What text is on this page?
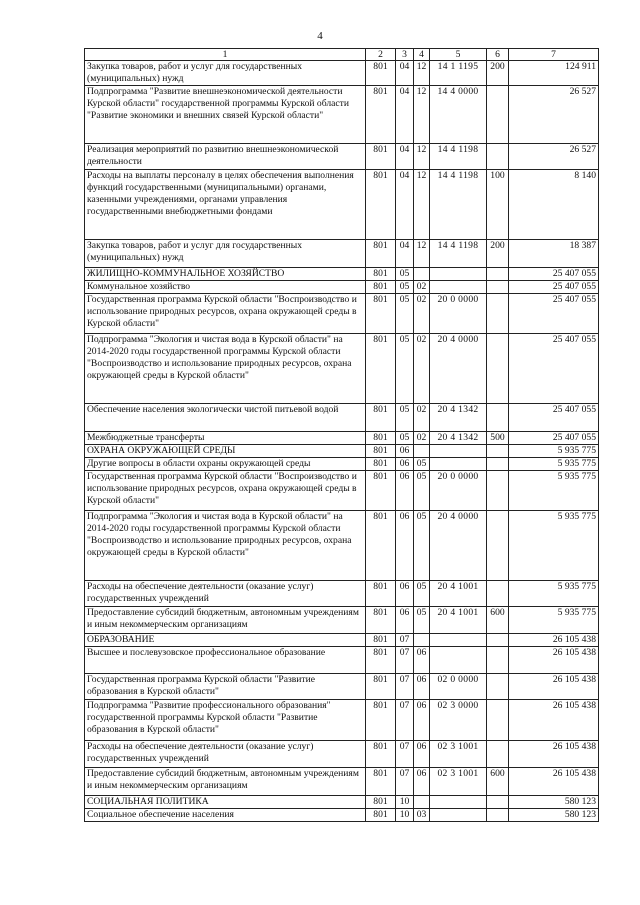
4
1	2	3	4	5	6	7
Закупка товаров, работ и услуг для государственных (муниципальных) нужд	801	04	12	14 1 1195	200	124 911
Подпрограмма "Развитие внешнеэкономической деятельности Курской области" государственной программы Курской области "Развитие экономики и внешних связей Курской области"	801	04	12	14 4 0000		26 527
Реализация мероприятий по развитию внешнеэкономической деятельности	801	04	12	14 4 1198		26 527
Расходы на выплаты персоналу в целях обеспечения выполнения функций государственными (муниципальными) органами, казенными учреждениями, органами управления государственными внебюджетными фондами	801	04	12	14 4 1198	100	8 140
Закупка товаров, работ и услуг для государственных (муниципальных) нужд	801	04	12	14 4 1198	200	18 387
ЖИЛИЩНО-КОММУНАЛЬНОЕ ХОЗЯЙСТВО	801	05				25 407 055
Коммунальное хозяйство	801	05	02			25 407 055
Государственная программа Курской области "Воспроизводство и использование природных ресурсов, охрана окружающей среды в Курской области"	801	05	02	20 0 0000		25 407 055
Подпрограмма "Экология и чистая вода в Курской области" на 2014-2020 годы государственной программы Курской области "Воспроизводство и использование природных ресурсов, охрана окружающей среды в Курской области"	801	05	02	20 4 0000		25 407 055
Обеспечение населения экологически чистой питьевой водой	801	05	02	20 4 1342		25 407 055
Межбюджетные трансферты	801	05	02	20 4 1342	500	25 407 055
ОХРАНА ОКРУЖАЮЩЕЙ СРЕДЫ	801	06				5 935 775
Другие вопросы в области охраны окружающей среды	801	06	05			5 935 775
Государственная программа Курской области "Воспроизводство и использование природных ресурсов, охрана окружающей среды в Курской области"	801	06	05	20 0 0000		5 935 775
Подпрограмма "Экология и чистая вода в Курской области" на 2014-2020 годы государственной программы Курской области "Воспроизводство и использование природных ресурсов, охрана окружающей среды в Курской области"	801	06	05	20 4 0000		5 935 775
Расходы на обеспечение деятельности (оказание услуг) государственных учреждений	801	06	05	20 4 1001		5 935 775
Предоставление субсидий бюджетным, автономным учреждениям и иным некоммерческим организациям	801	06	05	20 4 1001	600	5 935 775
ОБРАЗОВАНИЕ	801	07				26 105 438
Высшее и послевузовское профессиональное образование	801	07	06			26 105 438
Государственная программа Курской области "Развитие образования в Курской области"	801	07	06	02 0 0000		26 105 438
Подпрограмма "Развитие профессионального образования" государственной программы Курской области "Развитие образования в Курской области"	801	07	06	02 3 0000		26 105 438
Расходы на обеспечение деятельности (оказание услуг) государственных учреждений	801	07	06	02 3 1001		26 105 438
Предоставление субсидий бюджетным, автономным учреждениям и иным некоммерческим организациям	801	07	06	02 3 1001	600	26 105 438
СОЦИАЛЬНАЯ ПОЛИТИКА	801	10				580 123
Социальное обеспечение населения	801	10	03			580 123
